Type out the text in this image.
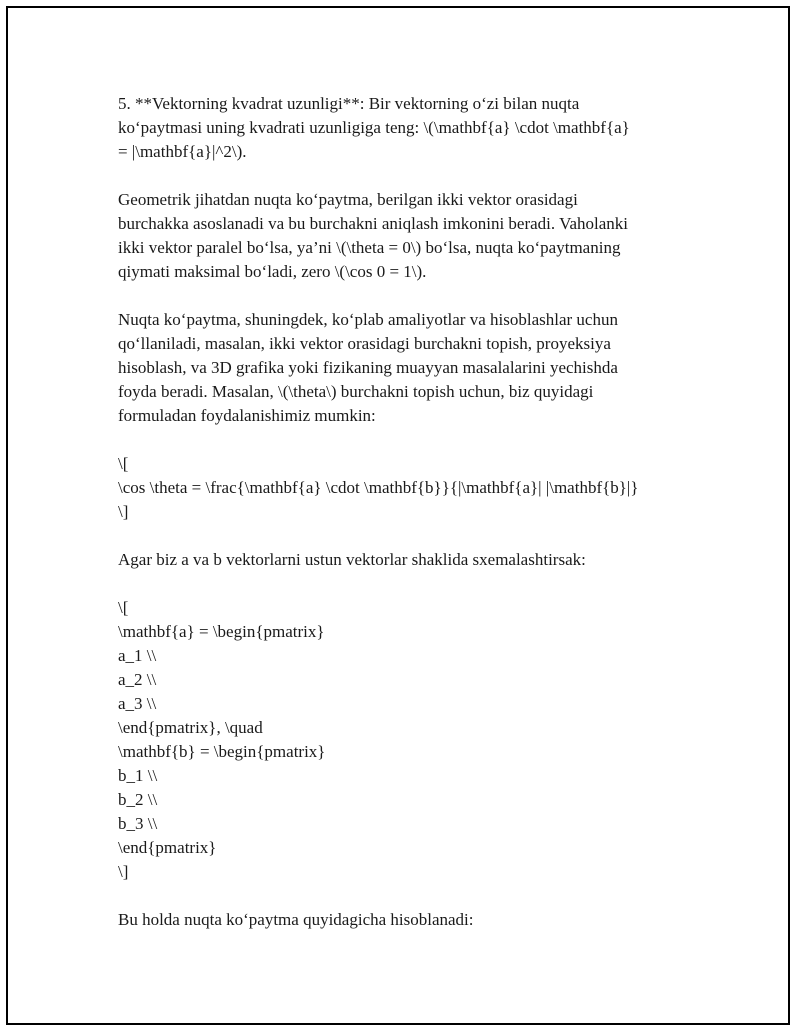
5. **Vektorning kvadrat uzunligi**: Bir vektorning o‘zi bilan nuqta
ko‘paytmasi uning kvadrati uzunligiga teng: \(\mathbf{a} \cdot \mathbf{a}
= |\mathbf{a}|^2\).

Geometrik jihatdan nuqta ko‘paytma, berilgan ikki vektor orasidagi
burchakka asoslanadi va bu burchakni aniqlash imkonini beradi. Vaholanki
ikki vektor paralel bo‘lsa, ya’ni \(\theta = 0\) bo‘lsa, nuqta ko‘paytmaning
qiymati maksimal bo‘ladi, zero \(\cos 0 = 1\).

Nuqta ko‘paytma, shuningdek, ko‘plab amaliyotlar va hisoblashlar uchun
qo‘llaniladi, masalan, ikki vektor orasidagi burchakni topish, proyeksiya
hisoblash, va 3D grafika yoki fizikaning muayyan masalalarini yechishda
foyda beradi. Masalan, \(\theta\) burchakni topish uchun, biz quyidagi
formuladan foydalanishimiz mumkin:

\[
\cos \theta = \frac{\mathbf{a} \cdot \mathbf{b}}{|\mathbf{a}| |\mathbf{b}|}
\]

Agar biz a va b vektorlarni ustun vektorlar shaklida sxemalashtirsak:

\[
\mathbf{a} = \begin{pmatrix}
a_1 \\
a_2 \\
a_3 \\
\end{pmatrix}, \quad
\mathbf{b} = \begin{pmatrix}
b_1 \\
b_2 \\
b_3 \\
\end{pmatrix}
\]

Bu holda nuqta ko‘paytma quyidagicha hisoblanadi:
